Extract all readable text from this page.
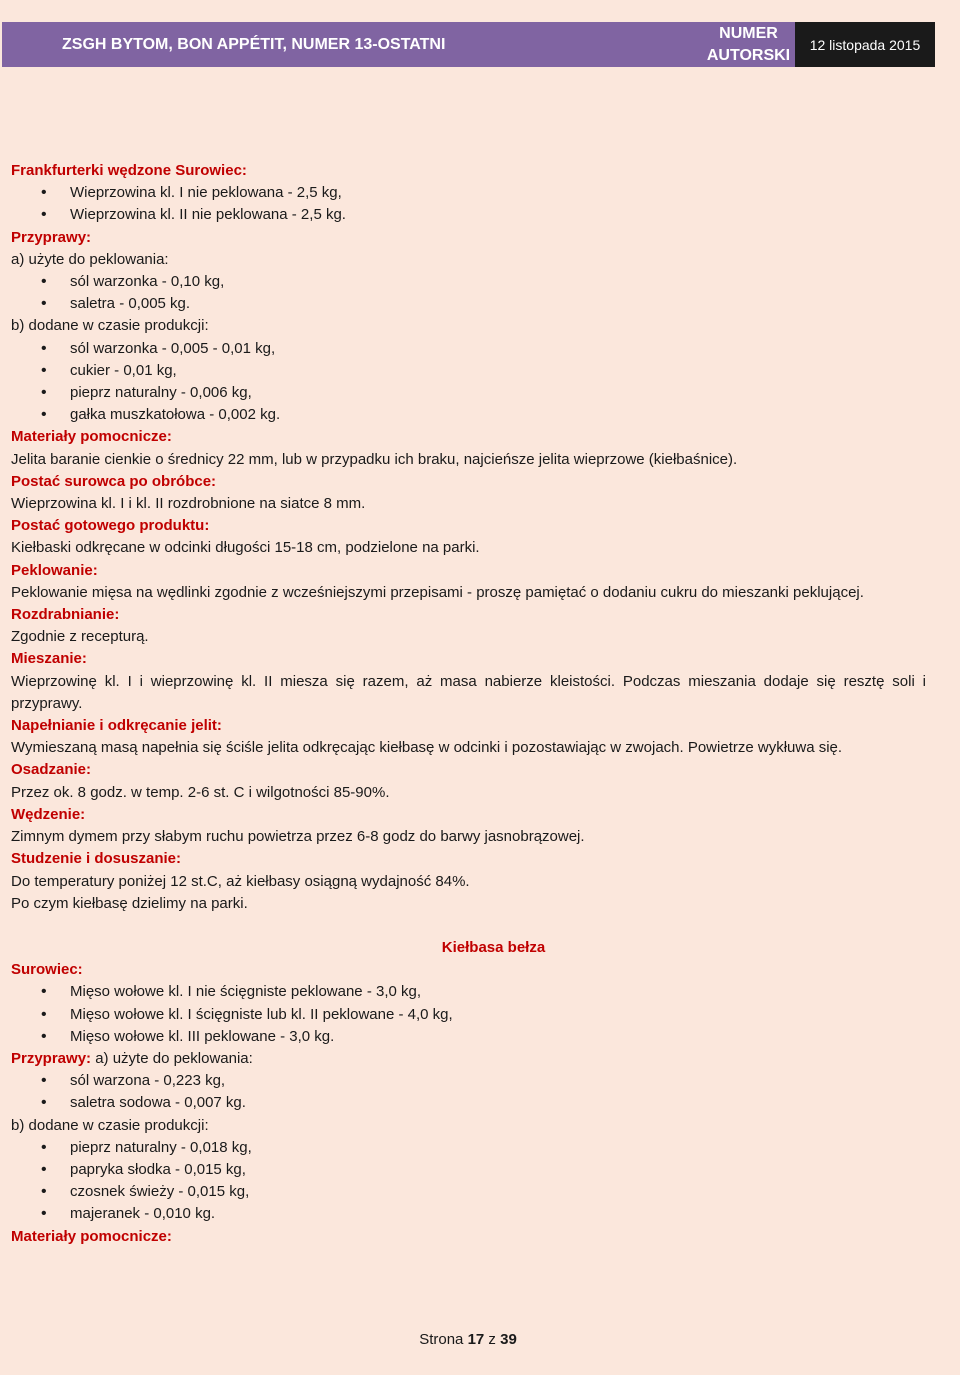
ZSGH BYTOM, BON APPÉTIT, NUMER 13-OSTATNI
NUMER
AUTORSKI
12 listopada 2015

Frankfurterki wędzone Surowiec:

• Wieprzowina kl. I nie peklowana - 2,5 kg,
• Wieprzowina kl. II nie peklowana - 2,5 kg.

Przyprawy:

a) użyte do peklowania:

• sól warzonka - 0,10 kg,
• saletra - 0,005 kg.

b) dodane w czasie produkcji:

• sól warzonka - 0,005 - 0,01 kg,
• cukier - 0,01 kg,
• pieprz naturalny - 0,006 kg,
• gałka muszkatołowa - 0,002 kg.

Materiały pomocnicze:

Jelita baranie cienkie o średnicy 22 mm, lub w przypadku ich braku, najcieńsze jelita wieprzowe (kiełbaśnice).

Postać surowca po obróbce:

Wieprzowina kl. I i kl. II rozdrobnione na siatce 8 mm.

Postać gotowego produktu:

Kiełbaski odkręcane w odcinki długości 15-18 cm, podzielone na parki.

Peklowanie:

Peklowanie mięsa na wędlinki zgodnie z wcześniejszymi przepisami - proszę pamiętać o dodaniu cukru do mieszanki peklującej.

Rozdrabnianie:

Zgodnie z recepturą.

Mieszanie:

Wieprzowinę kl. I i wieprzowinę kl. II miesza się razem, aż masa nabierze kleistości. Podczas mieszania dodaje się resztę soli i przyprawy.

Napełnianie i odkręcanie jelit:

Wymieszaną masą napełnia się ściśle jelita odkręcając kiełbasę w odcinki i pozostawiając w zwojach. Powietrze wykłuwa się.

Osadzanie:

Przez ok. 8 godz. w temp. 2-6 st. C i wilgotności 85-90%.

Wędzenie:

Zimnym dymem przy słabym ruchu powietrza przez 6-8 godz do barwy jasnobrązowej.

Studzenie i dosuszanie:

Do temperatury poniżej 12 st.C, aż kiełbasy osiągną wydajność 84%.

Po czym kiełbasę dzielimy na parki.

Kiełbasa bełza

Surowiec:

• Mięso wołowe kl. I nie ścięgniste peklowane - 3,0 kg,
• Mięso wołowe kl. I ścięgniste lub kl. II peklowane - 4,0 kg,
• Mięso wołowe kl. III peklowane - 3,0 kg.

Przyprawy: a) użyte do peklowania:

• sól warzona - 0,223 kg,
• saletra sodowa - 0,007 kg.

b) dodane w czasie produkcji:

• pieprz naturalny - 0,018 kg,
• papryka słodka - 0,015 kg,
• czosnek świeży - 0,015 kg,
• majeranek - 0,010 kg.

Materiały pomocnicze:

Strona 17 z 39
